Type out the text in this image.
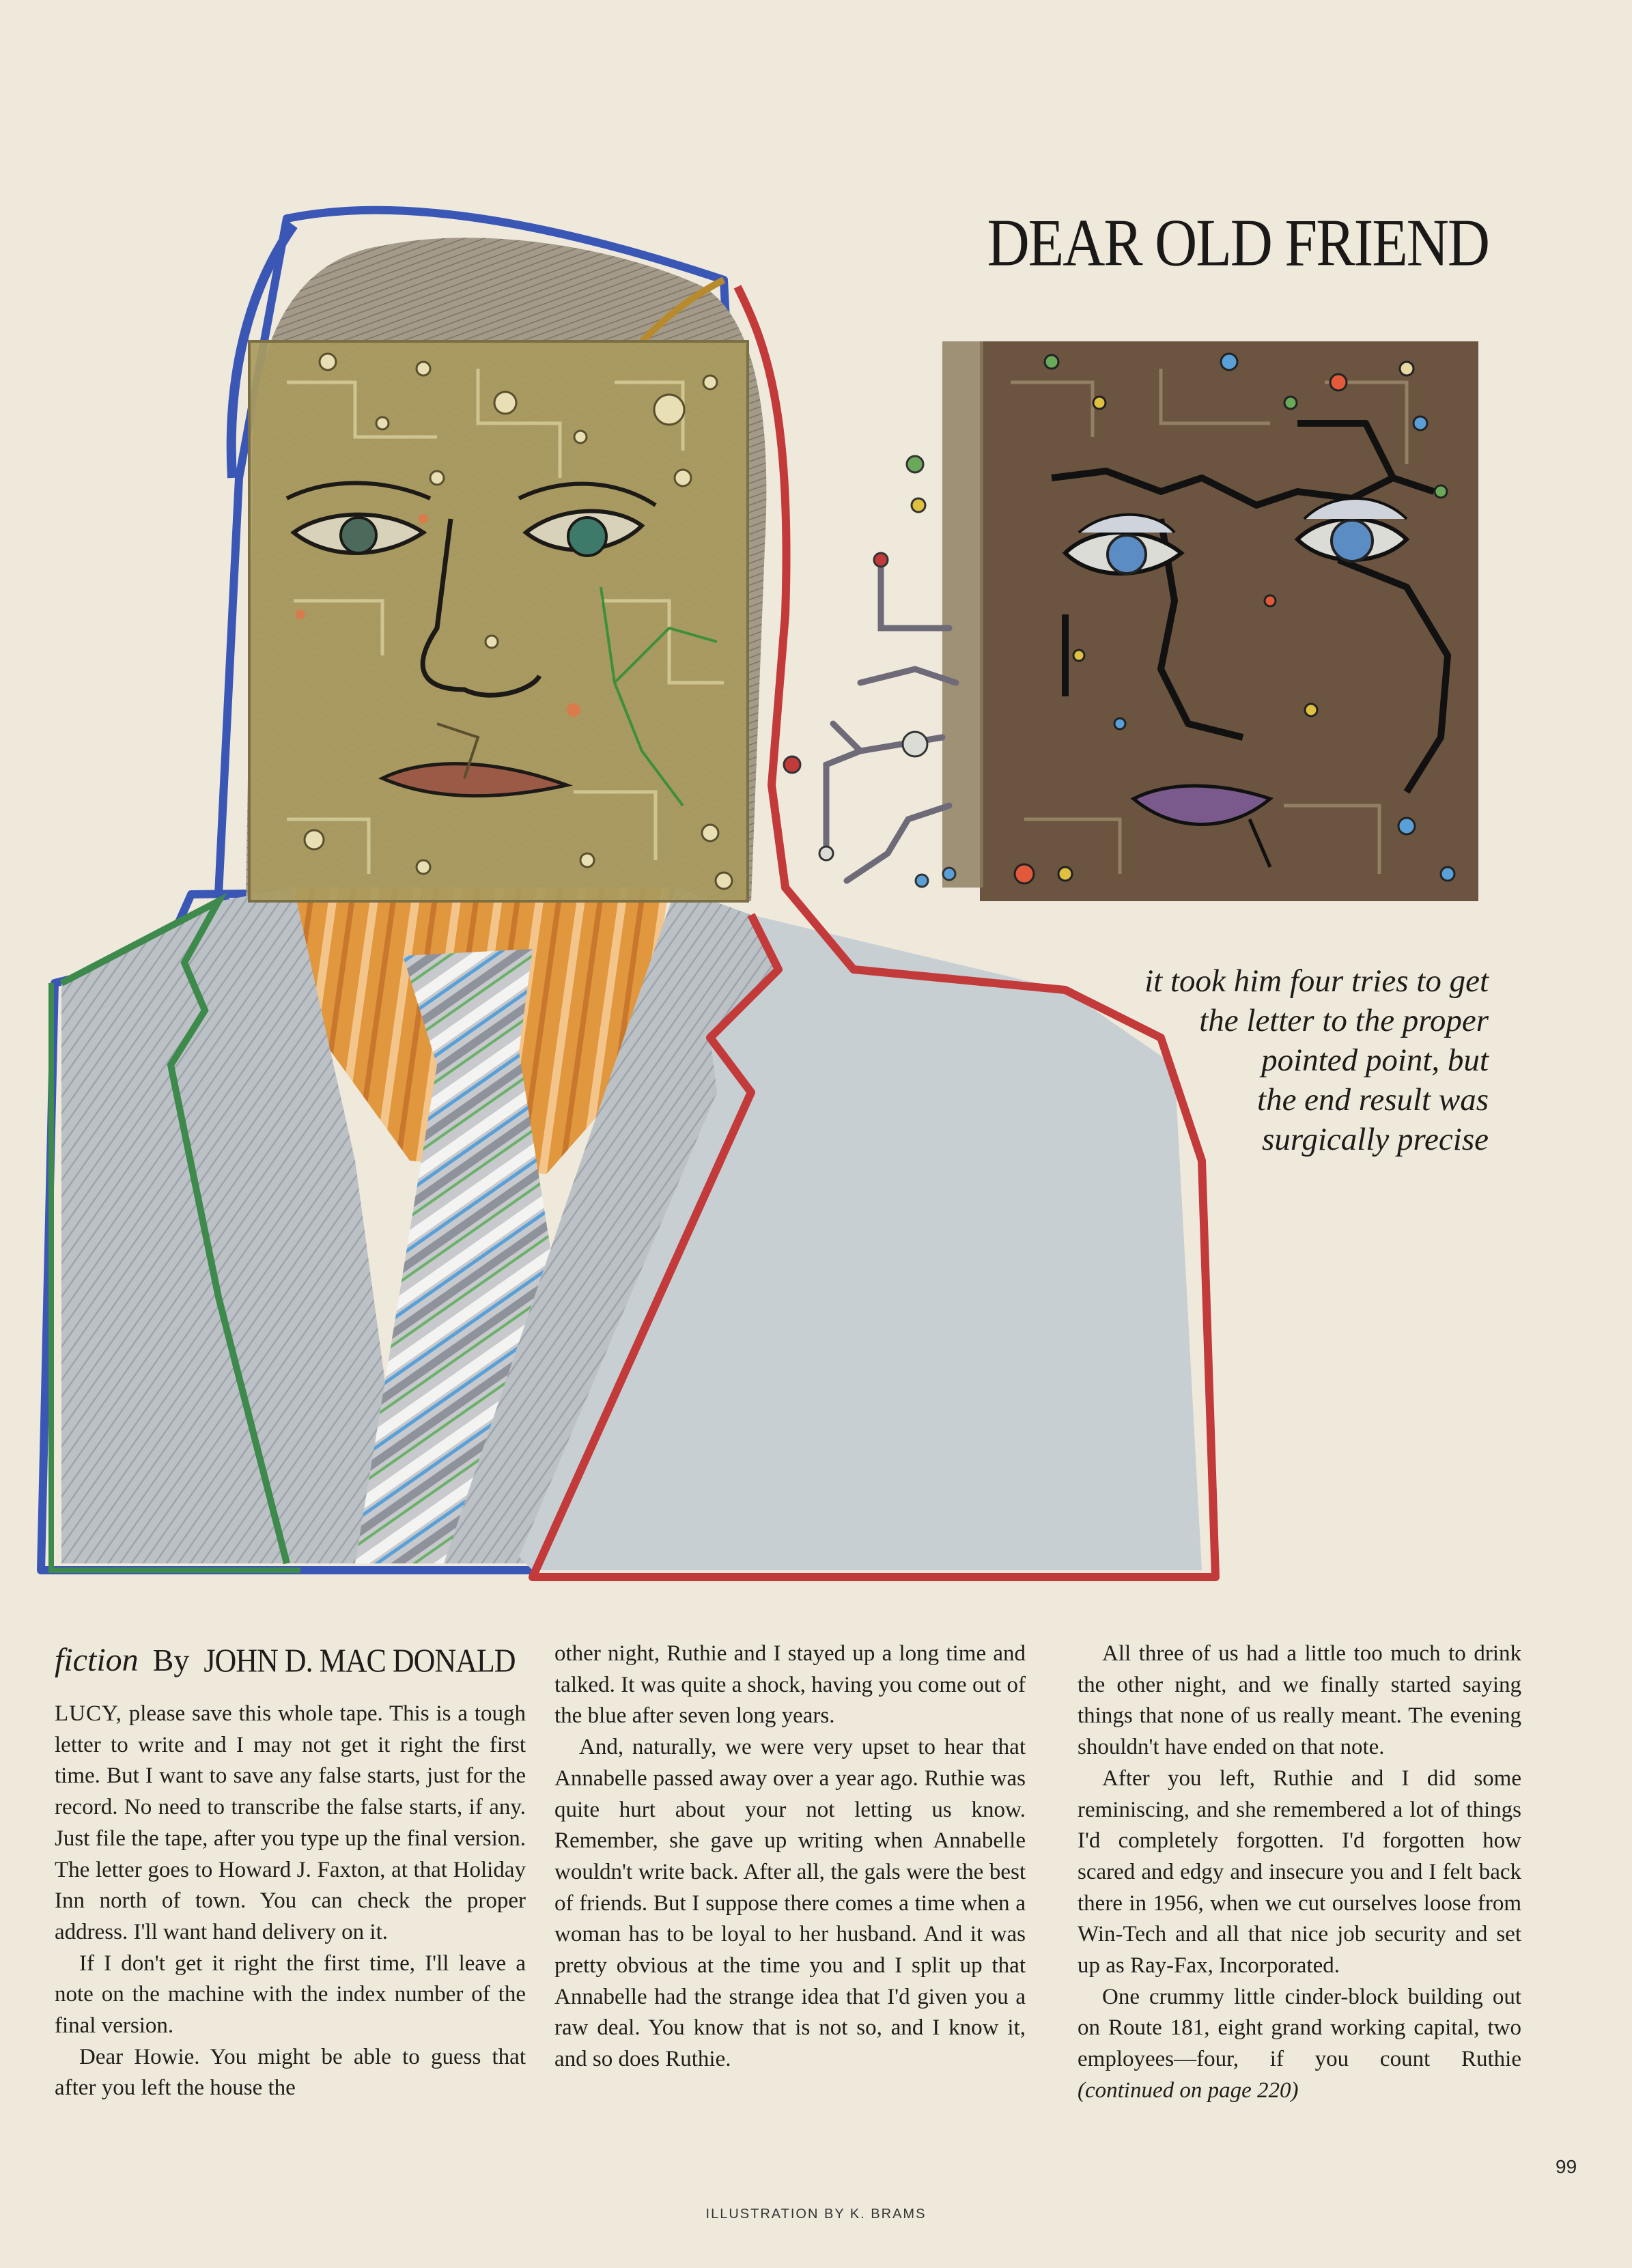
DEAR OLD FRIEND
it took him four tries to get
the letter to the proper
pointed point, but
the end result was
surgically precise
fiction By JOHN D. MAC DONALD

LUCY, please save this whole tape. This is a tough letter to write and I may not get it right the first time. But I want to save any false starts, just for the record. No need to transcribe the false starts, if any. Just file the tape, after you type up the final version. The letter goes to Howard J. Faxton, at that Holiday Inn north of town. You can check the proper address. I'll want hand delivery on it.

If I don't get it right the first time, I'll leave a note on the machine with the index number of the final version.

Dear Howie. You might be able to guess that after you left the house the

other night, Ruthie and I stayed up a long time and talked. It was quite a shock, having you come out of the blue after seven long years.

And, naturally, we were very upset to hear that Annabelle passed away over a year ago. Ruthie was quite hurt about your not letting us know. Remember, she gave up writing when Annabelle wouldn't write back. After all, the gals were the best of friends. But I suppose there comes a time when a woman has to be loyal to her husband. And it was pretty obvious at the time you and I split up that Annabelle had the strange idea that I'd given you a raw deal. You know that is not so, and I know it, and so does Ruthie.

All three of us had a little too much to drink the other night, and we finally started saying things that none of us really meant. The evening shouldn't have ended on that note.

After you left, Ruthie and I did some reminiscing, and she remembered a lot of things I'd completely forgotten. I'd forgotten how scared and edgy and insecure you and I felt back there in 1956, when we cut ourselves loose from Win-Tech and all that nice job security and set up as Ray-Fax, Incorporated.

One crummy little cinder-block building out on Route 181, eight grand working capital, two employees—four, if you count Ruthie (continued on page 220)

99
ILLUSTRATION BY K. BRAMS
